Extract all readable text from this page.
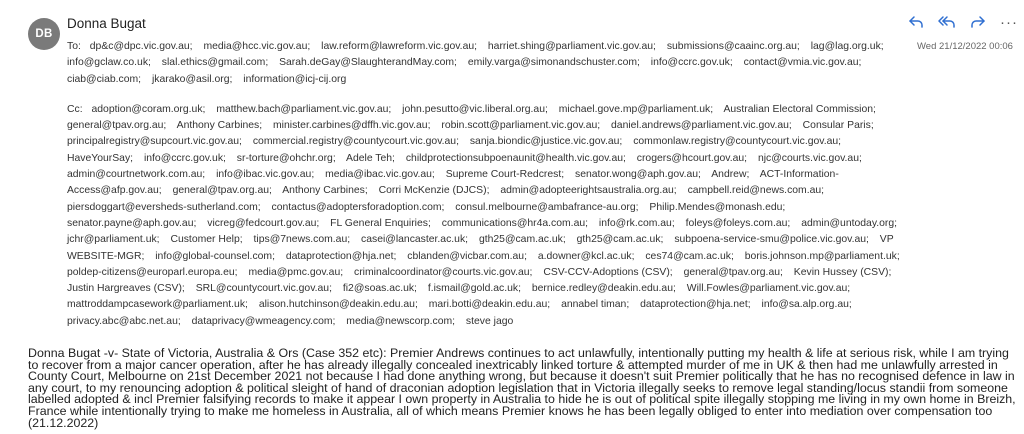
DB
Donna Bugat	···
Wed 21/12/2022 00:06
To: dp&c@dpc.vic.gov.au; media@hcc.vic.gov.au; law.reform@lawreform.vic.gov.au; harriet.shing@parliament.vic.gov.au; submissions@caainc.org.au; lag@lag.org.uk; info@gclaw.co.uk; slal.ethics@gmail.com; Sarah.deGay@SlaughterandMay.com; emily.varga@simonandschuster.com; info@ccrc.gov.uk; contact@vmia.vic.gov.au; ciab@ciab.com; jkarako@asil.org; information@icj-cij.org
Cc: adoption@coram.org.uk; matthew.bach@parliament.vic.gov.au; john.pesutto@vic.liberal.org.au; michael.gove.mp@parliament.uk; Australian Electoral Commission; general@tpav.org.au; Anthony Carbines; minister.carbines@dffh.vic.gov.au; robin.scott@parliament.vic.gov.au; daniel.andrews@parliament.vic.gov.au; Consular Paris; principalregistry@supcourt.vic.gov.au; commercial.registry@countycourt.vic.gov.au; sanja.biondic@justice.vic.gov.au; commonlaw.registry@countycourt.vic.gov.au; HaveYourSay; info@ccrc.gov.uk; sr-torture@ohchr.org; Adele Teh; childprotectionsubpoenaunit@health.vic.gov.au; crogers@hcourt.gov.au; njc@courts.vic.gov.au; admin@courtnetwork.com.au; info@ibac.vic.gov.au; media@ibac.vic.gov.au; Supreme Court-Redcrest; senator.wong@aph.gov.au; Andrew; ACT-Information-Access@afp.gov.au; general@tpav.org.au; Anthony Carbines; Corri McKenzie (DJCS); admin@adopteerightsaustralia.org.au; campbell.reid@news.com.au; piersdoggart@eversheds-sutherland.com; contactus@adoptersforadoption.com; consul.melbourne@ambafrance-au.org; Philip.Mendes@monash.edu; senator.payne@aph.gov.au; vicreg@fedcourt.gov.au; FL General Enquiries; communications@hr4a.com.au; info@rk.com.au; foleys@foleys.com.au; admin@untoday.org; jchr@parliament.uk; Customer Help; tips@7news.com.au; casei@lancaster.ac.uk; gth25@cam.ac.uk; gth25@cam.ac.uk; subpoena-service-smu@police.vic.gov.au; VP WEBSITE-MGR; info@global-counsel.com; dataprotection@hja.net; cblanden@vicbar.com.au; a.downer@kcl.ac.uk; ces74@cam.ac.uk; boris.johnson.mp@parliament.uk; poldep-citizens@europarl.europa.eu; media@pmc.gov.au; criminalcoordinator@courts.vic.gov.au; CSV-CCV-Adoptions (CSV); general@tpav.org.au; Kevin Hussey (CSV); Justin Hargreaves (CSV); SRL@countycourt.vic.gov.au; fi2@soas.ac.uk; f.ismail@gold.ac.uk; bernice.redley@deakin.edu.au; Will.Fowles@parliament.vic.gov.au; mattroddampcasework@parliament.uk; alison.hutchinson@deakin.edu.au; mari.botti@deakin.edu.au; annabel timan; dataprotection@hja.net; info@sa.alp.org.au; privacy.abc@abc.net.au; dataprivacy@wmeagency.com; media@newscorp.com; steve jago

Donna Bugat -v- State of Victoria, Australia & Ors (Case 352 etc): Premier Andrews continues to act unlawfully, intentionally putting my health & life at serious risk, while I am trying to recover from a major cancer operation, after he has already illegally concealed inextricably linked torture & attempted murder of me in UK & then had me unlawfully arrested in County Court, Melbourne on 21st December 2021 not because I had done anything wrong, but because it doesn't suit Premier politically that he has no recognised defence in law in any court, to my renouncing adoption & political sleight of hand of draconian adoption legislation that in Victoria illegally seeks to remove legal standing/locus standii from someone labelled adopted & incl Premier falsifying records to make it appear I own property in Australia to hide he is out of political spite illegally stopping me living in my own home in Breizh, France while intentionally trying to make me homeless in Australia, all of which means Premier knows he has been legally obliged to enter into mediation over compensation too (21.12.2022)
